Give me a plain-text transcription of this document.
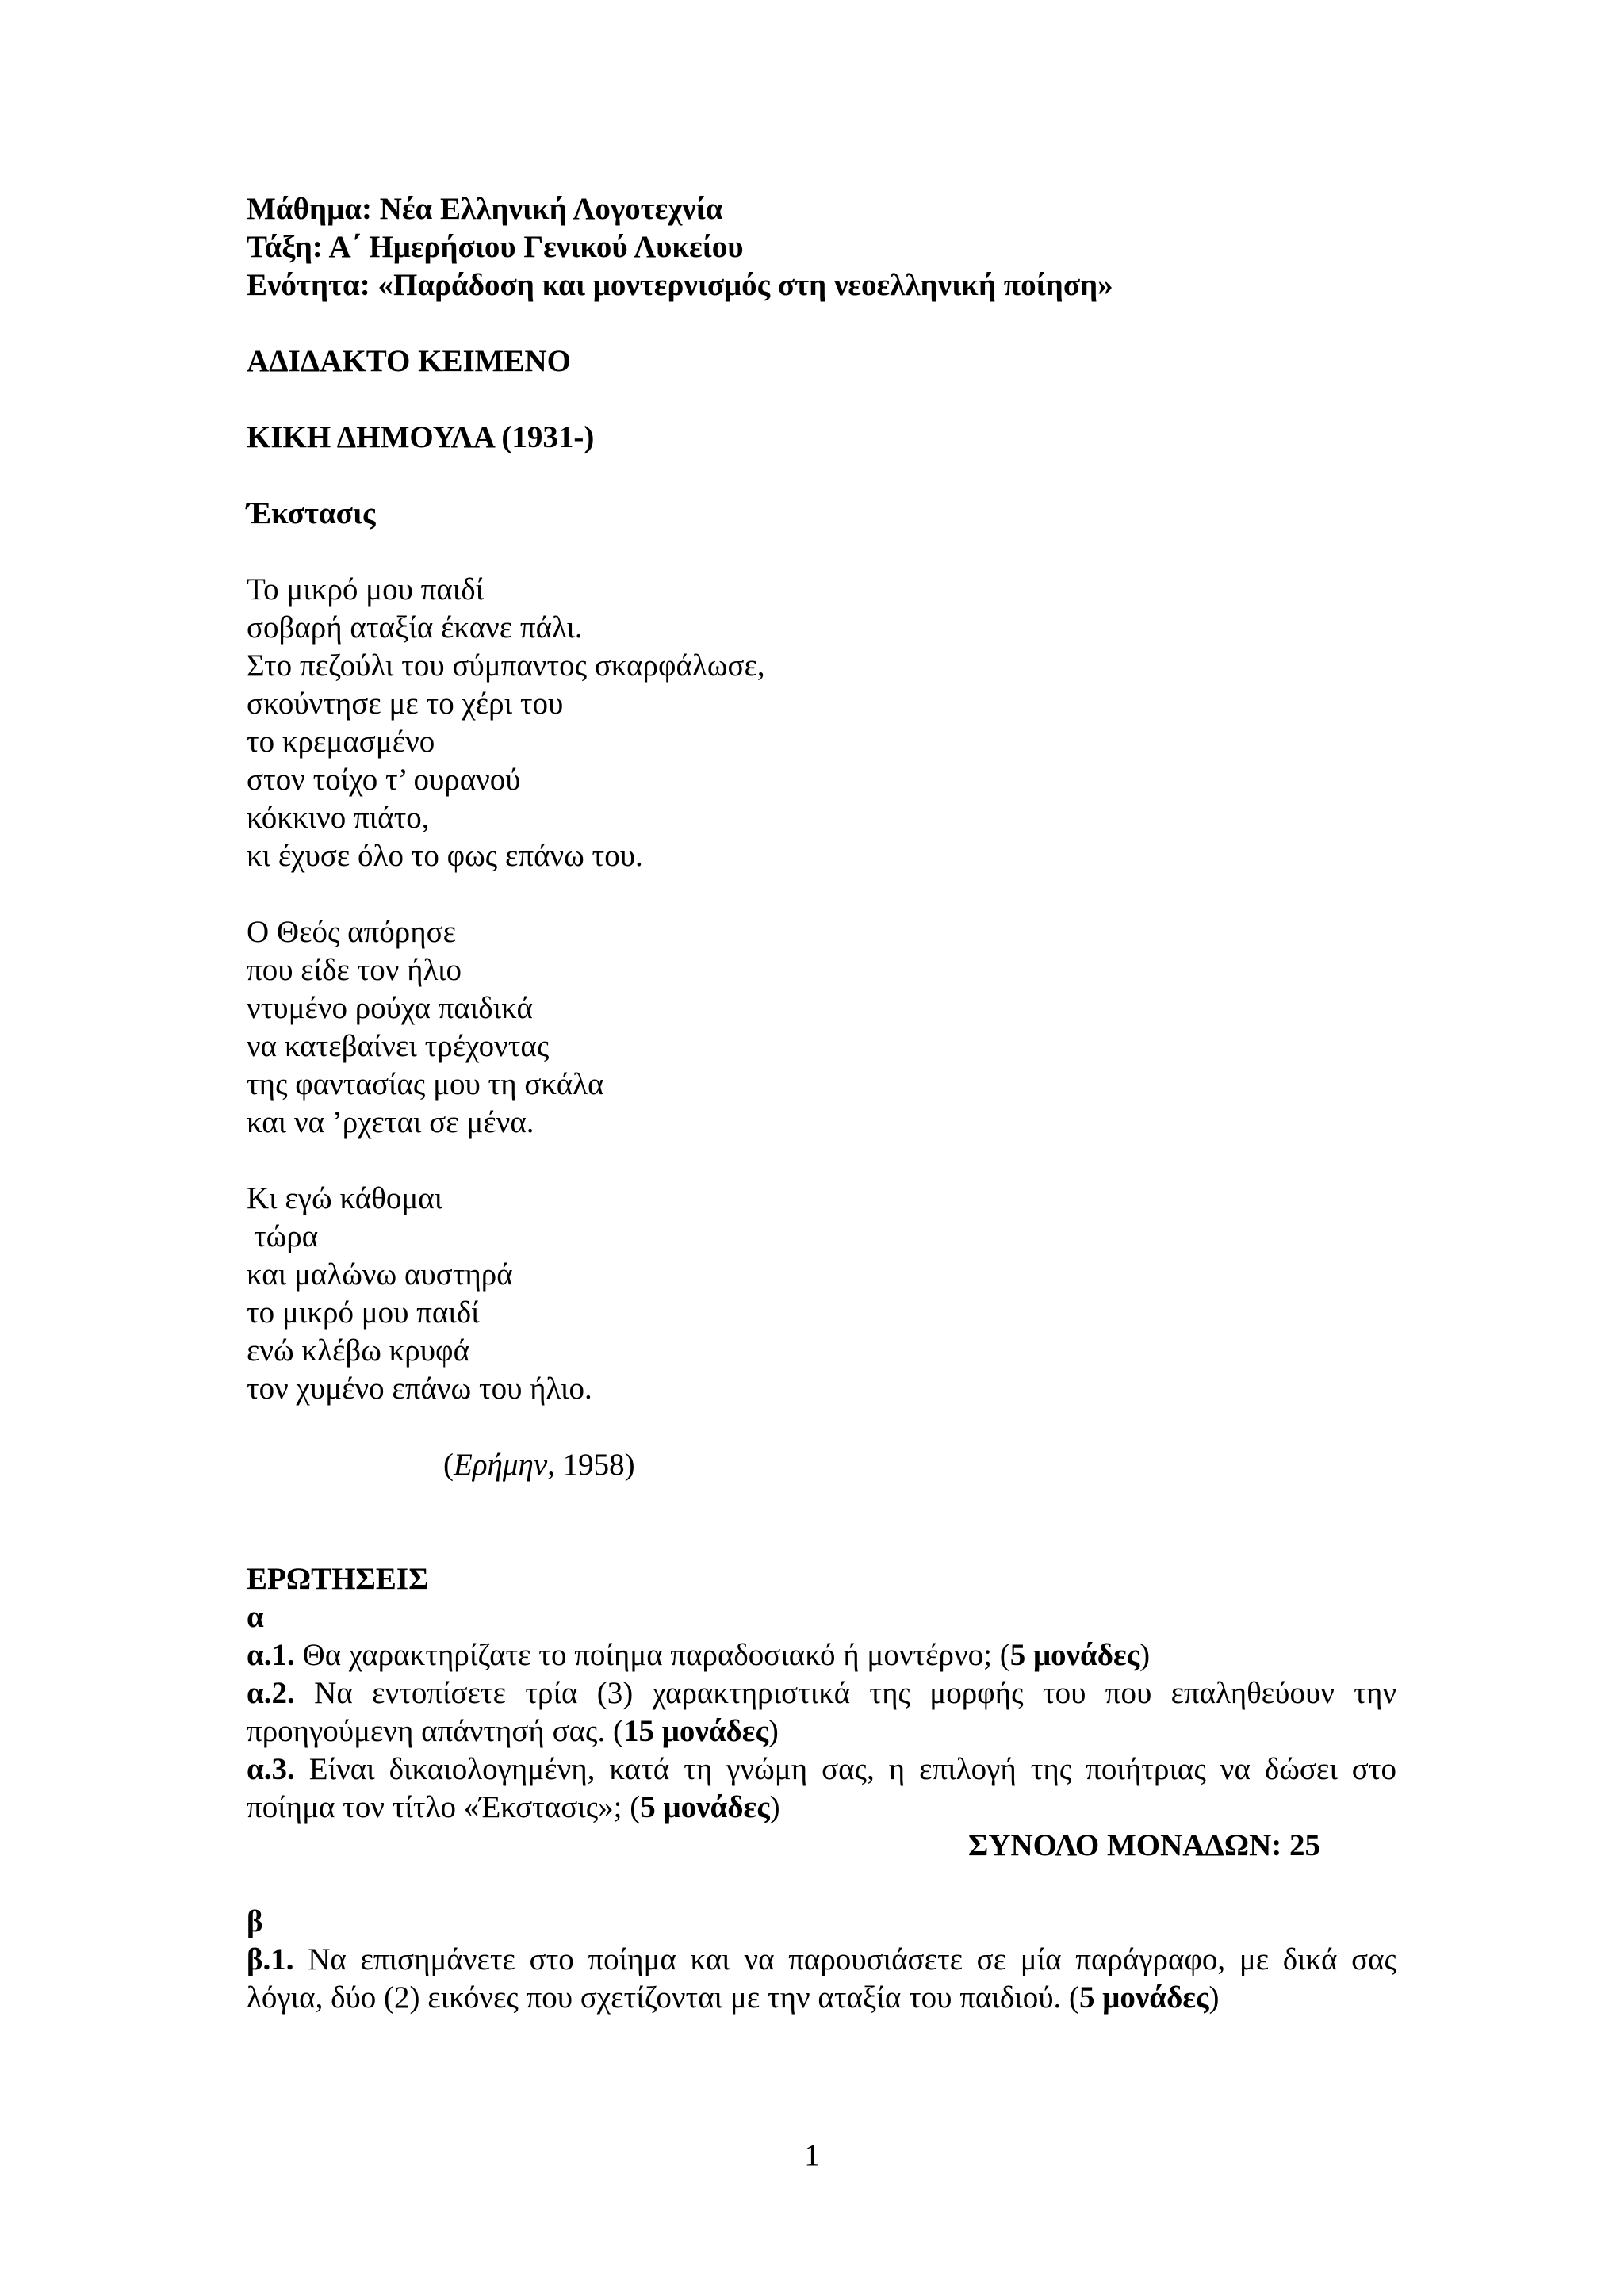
Μάθημα: Νέα Ελληνική Λογοτεχνία

Τάξη: Α΄ Ημερήσιου Γενικού Λυκείου

Ενότητα: «Παράδοση και μοντερνισμός στη νεοελληνική ποίηση»

ΑΔΙΔΑΚΤΟ ΚΕΙΜΕΝΟ

ΚΙΚΗ ΔΗΜΟΥΛΑ (1931-)

Έκστασις

Το μικρό μου παιδί

σοβαρή αταξία έκανε πάλι.

Στο πεζούλι του σύμπαντος σκαρφάλωσε,

σκούντησε με το χέρι του

το κρεμασμένο

στον τοίχο τ’ ουρανού

κόκκινο πιάτο,

κι έχυσε όλο το φως επάνω του.

Ο Θεός απόρησε

που είδε τον ήλιο

ντυμένο ρούχα παιδικά

να κατεβαίνει τρέχοντας

της φαντασίας μου τη σκάλα

και να ’ρχεται σε μένα.

Κι εγώ κάθομαι

τώρα

και μαλώνω αυστηρά

το μικρό μου παιδί

ενώ κλέβω κρυφά

τον χυμένο επάνω του ήλιο.

(Ερήμην, 1958)

ΕΡΩΤΗΣΕΙΣ

α

α.1. Θα χαρακτηρίζατε το ποίημα παραδοσιακό ή μοντέρνο; (5 μονάδες)

α.2. Να εντοπίσετε τρία (3) χαρακτηριστικά της μορφής του που επαληθεύουν την προηγούμενη απάντησή σας. (15 μονάδες)

α.3. Είναι δικαιολογημένη, κατά τη γνώμη σας, η επιλογή της ποιήτριας να δώσει στο ποίημα τον τίτλο «Έκστασις»; (5 μονάδες)

ΣΥΝΟΛΟ ΜΟΝΑΔΩΝ: 25

β

β.1. Να επισημάνετε στο ποίημα και να παρουσιάσετε σε μία παράγραφο, με δικά σας λόγια, δύο (2) εικόνες που σχετίζονται με την αταξία του παιδιού. (5 μονάδες)

1
